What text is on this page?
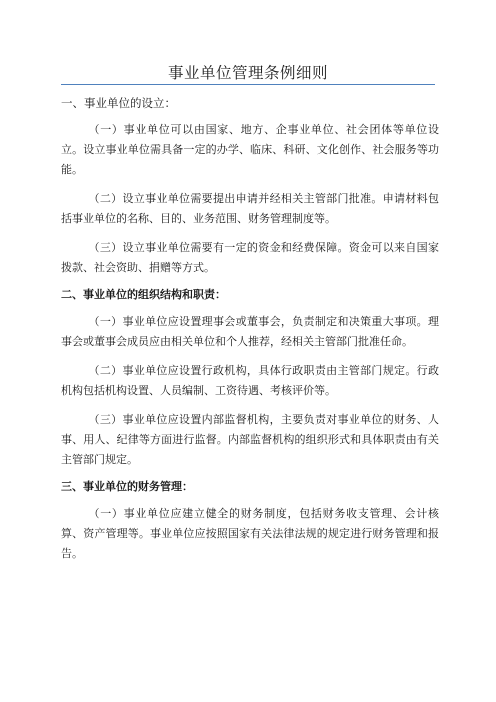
事业单位管理条例细则
一、事业单位的设立：

（一）事业单位可以由国家、地方、企事业单位、社会团体等单位设立。设立事业单位需具备一定的办学、临床、科研、文化创作、社会服务等功能。

（二）设立事业单位需要提出申请并经相关主管部门批准。申请材料包括事业单位的名称、目的、业务范围、财务管理制度等。

（三）设立事业单位需要有一定的资金和经费保障。资金可以来自国家拨款、社会资助、捐赠等方式。

二、事业单位的组织结构和职责：

（一）事业单位应设置理事会或董事会，负责制定和决策重大事项。理事会或董事会成员应由相关单位和个人推荐，经相关主管部门批准任命。

（二）事业单位应设置行政机构，具体行政职责由主管部门规定。行政机构包括机构设置、人员编制、工资待遇、考核评价等。

（三）事业单位应设置内部监督机构，主要负责对事业单位的财务、人事、用人、纪律等方面进行监督。内部监督机构的组织形式和具体职责由有关主管部门规定。

三、事业单位的财务管理：

（一）事业单位应建立健全的财务制度，包括财务收支管理、会计核算、资产管理等。事业单位应按照国家有关法律法规的规定进行财务管理和报告。
